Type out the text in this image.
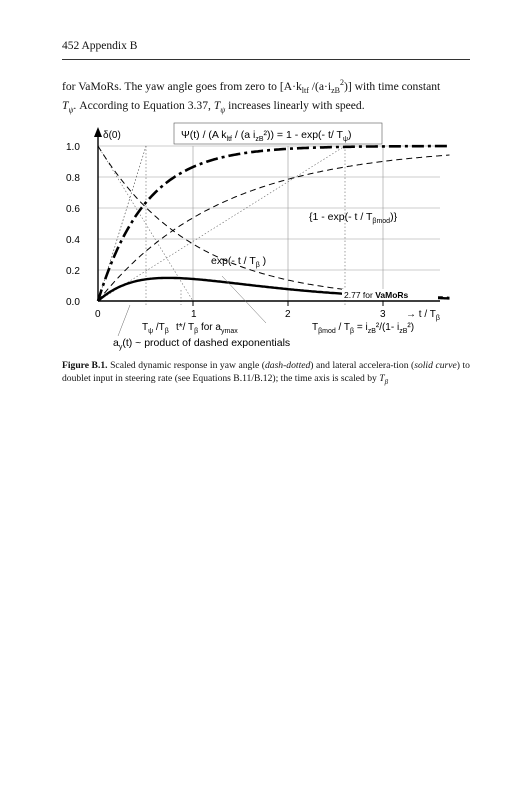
452 Appendix B

for VaMoRs. The yaw angle goes from zero to [$A\cdot k_{ltf}$ $/(a\cdot i_{zB}^2)$] with time constant
$T_\psi$. According to Equation 3.37, $T_\psi$ increases linearly with speed.

1.0
0.8
0.6
0.4
0.2
0.0
0	1	2	3
δ(0)
→ t / $T_\beta$
Ψ(t) / (A $k_{ltf} / (a$ $i_{zB}^2)) = 1 - \exp(-$ t/ $T_\psi$)
{1 - exp(- t / $T_{\beta mod}$)}
exp(- t / $T_\beta$ )
2.77 for VaMoRs
$T_\psi$ $/T_\beta$ t*/ $T_\beta$ for $a_{ymax}$	$T_{\beta mod} / T_\beta = i_{zB}^2/(1-$ $i_{zB}^2$)
$a_y(t)$ ~ product of dashed exponentials

Figure B.1. Scaled dynamic response in yaw angle (dash-dotted) and lateral accelera-tion (solid curve) to doublet input in steering rate (see Equations B.11/B.12); the time axis is scaled by $T_\beta$
